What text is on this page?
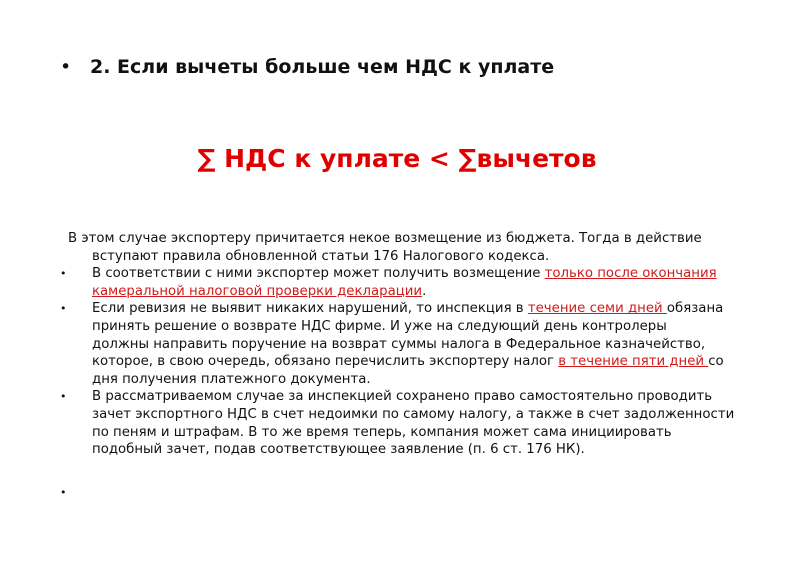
• 2. Если вычеты больше чем НДС к уплате
∑ НДС к уплате < ∑вычетов
В этом случае экспортеру причитается некое возмещение из бюджета. Тогда в действие
вступают правила обновленной статьи 176 Налогового кодекса.
• В соответствии с ними экспортер может получить возмещение только после окончания
камеральной налоговой проверки декларации.
• Если ревизия не выявит никаких нарушений, то инспекция в течение семи дней обязана
принять решение о возврате НДС фирме. И уже на следующий день контролеры
должны направить поручение на возврат суммы налога в Федеральное казначейство,
которое, в свою очередь, обязано перечислить экспортеру налог в течение пяти дней со
дня получения платежного документа.
• В рассматриваемом случае за инспекцией сохранено право самостоятельно проводить
зачет экспортного НДС в счет недоимки по самому налогу, а также в счет задолженности
по пеням и штрафам. В то же время теперь, компания может сама инициировать
подобный зачет, подав соответствующее заявление (п. 6 ст. 176 НК).
•
